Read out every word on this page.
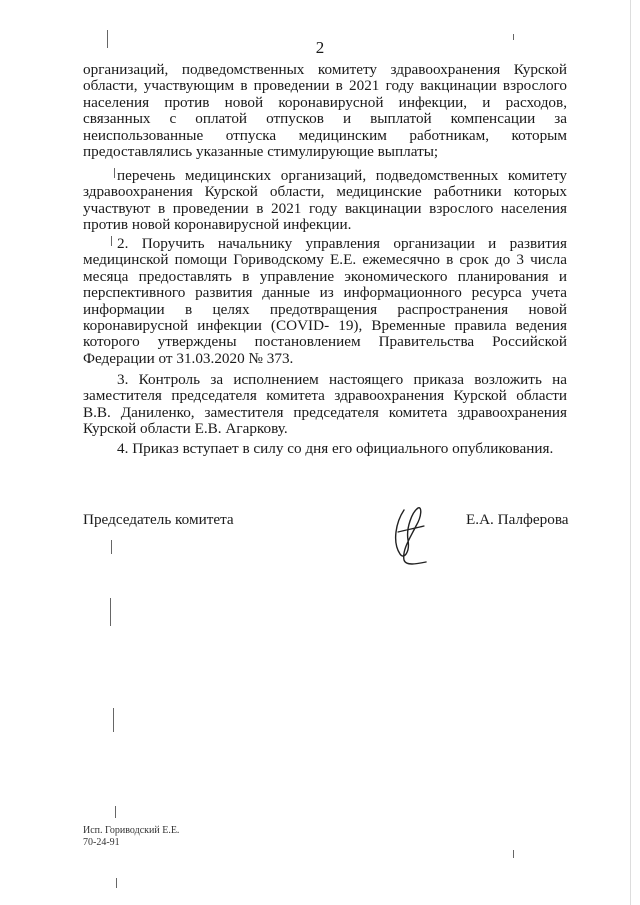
2

организаций, подведомственных комитету здравоохранения Курской области, участвующим в проведении в 2021 году вакцинации взрослого населения против новой коронавирусной инфекции, и расходов, связанных с оплатой отпусков и выплатой компенсации за неиспользованные отпуска медицинским работникам, которым предоставлялись указанные стимулирующие выплаты;

перечень медицинских организаций, подведомственных комитету здравоохранения Курской области, медицинские работники которых участвуют в проведении в 2021 году вакцинации взрослого населения против новой коронавирусной инфекции.

2. Поручить начальнику управления организации и развития медицинской помощи Гориводскому Е.Е. ежемесячно в срок до 3 числа месяца предоставлять в управление экономического планирования и перспективного развития данные из информационного ресурса учета информации в целях предотвращения распространения новой коронавирусной инфекции (COVID- 19), Временные правила ведения которого утверждены постановлением Правительства Российской Федерации от 31.03.2020 № 373.

3. Контроль за исполнением настоящего приказа возложить на заместителя председателя комитета здравоохранения Курской области В.В. Даниленко, заместителя председателя комитета здравоохранения Курской области Е.В. Агаркову.

4. Приказ вступает в силу со дня его официального опубликования.

Председатель комитета	Е.А. Палферова
Исп. Гориводский Е.Е.
70-24-91
